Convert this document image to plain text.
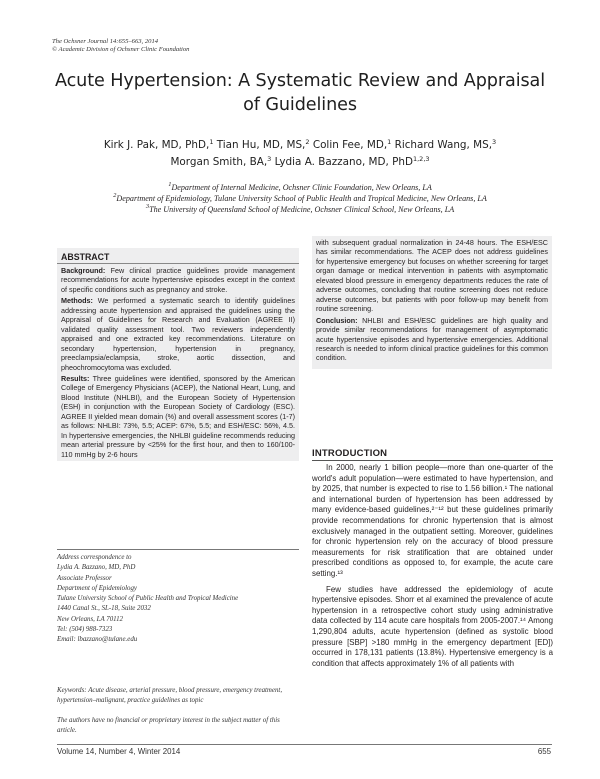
The Ochsner Journal 14:655–663, 2014
© Academic Division of Ochsner Clinic Foundation
Acute Hypertension: A Systematic Review and Appraisal
of Guidelines
Kirk J. Pak, MD, PhD,$^1$ Tian Hu, MD, MS,$^2$ Colin Fee, MD,$^1$ Richard Wang, MS,$^3$
Morgan Smith, BA,$^3$ Lydia A. Bazzano, MD, PhD$^{1,2,3}$
$^1$Department of Internal Medicine, Ochsner Clinic Foundation, New Orleans, LA
$^2$Department of Epidemiology, Tulane University School of Public Health and Tropical Medicine, New Orleans, LA
$^3$The University of Queensland School of Medicine, Ochsner Clinical School, New Orleans, LA
ABSTRACT

Background: Few clinical practice guidelines provide management recommendations for acute hypertensive episodes except in the context of specific conditions such as pregnancy and stroke.

Methods: We performed a systematic search to identify guidelines addressing acute hypertension and appraised the guidelines using the Appraisal of Guidelines for Research and Evaluation (AGREE II) validated quality assessment tool. Two reviewers independently appraised and one extracted key recommendations. Literature on secondary hypertension, hypertension in pregnancy, preeclampsia/eclampsia, stroke, aortic dissection, and pheochromocytoma was excluded.

Results: Three guidelines were identified, sponsored by the American College of Emergency Physicians (ACEP), the National Heart, Lung, and Blood Institute (NHLBI), and the European Society of Hypertension (ESH) in conjunction with the European Society of Cardiology (ESC). AGREE II yielded mean domain (%) and overall assessment scores (1-7) as follows: NHLBI: 73%, 5.5; ACEP: 67%, 5.5; and ESH/ESC: 56%, 4.5. In hypertensive emergencies, the NHLBI guideline recommends reducing mean arterial pressure by <25% for the first hour, and then to 160/100-110 mmHg by 2-6 hours

with subsequent gradual normalization in 24-48 hours. The ESH/ESC has similar recommendations. The ACEP does not address guidelines for hypertensive emergency but focuses on whether screening for target organ damage or medical intervention in patients with asymptomatic elevated blood pressure in emergency departments reduces the rate of adverse outcomes, concluding that routine screening does not reduce adverse outcomes, but patients with poor follow-up may benefit from routine screening.

Conclusion: NHLBI and ESH/ESC guidelines are high quality and provide similar recommendations for management of asymptomatic acute hypertensive episodes and hypertensive emergencies. Additional research is needed to inform clinical practice guidelines for this common condition.

INTRODUCTION

In 2000, nearly 1 billion people—more than one-quarter of the world's adult population—were estimated to have hypertension, and by 2025, that number is expected to rise to 1.56 billion.¹ The national and international burden of hypertension has been addressed by many evidence-based guidelines,²⁻¹² but these guidelines primarily provide recommendations for chronic hypertension that is almost exclusively managed in the outpatient setting. Moreover, guidelines for chronic hypertension rely on the accuracy of blood pressure measurements for risk stratification that are obtained under prescribed conditions as opposed to, for example, the acute care setting.¹³

Few studies have addressed the epidemiology of acute hypertensive episodes. Shorr et al examined the prevalence of acute hypertension in a retrospective cohort study using administrative data collected by 114 acute care hospitals from 2005-2007.¹⁴ Among 1,290,804 adults, acute hypertension (defined as systolic blood pressure [SBP] >180 mmHg in the emergency department [ED]) occurred in 178,131 patients (13.8%). Hypertensive emergency is a condition that affects approximately 1% of all patients with

Address correspondence to
Lydia A. Bazzano, MD, PhD
Associate Professor
Department of Epidemiology
Tulane University School of Public Health and Tropical Medicine
1440 Canal St., SL-18, Suite 2032
New Orleans, LA 70112
Tel: (504) 988-7323
Email: lbazzano@tulane.edu
Keywords: Acute disease, arterial pressure, blood pressure, emergency treatment, hypertension–malignant, practice guidelines as topic
The authors have no financial or proprietary interest in the subject matter of this article.
Volume 14, Number 4, Winter 2014	655
